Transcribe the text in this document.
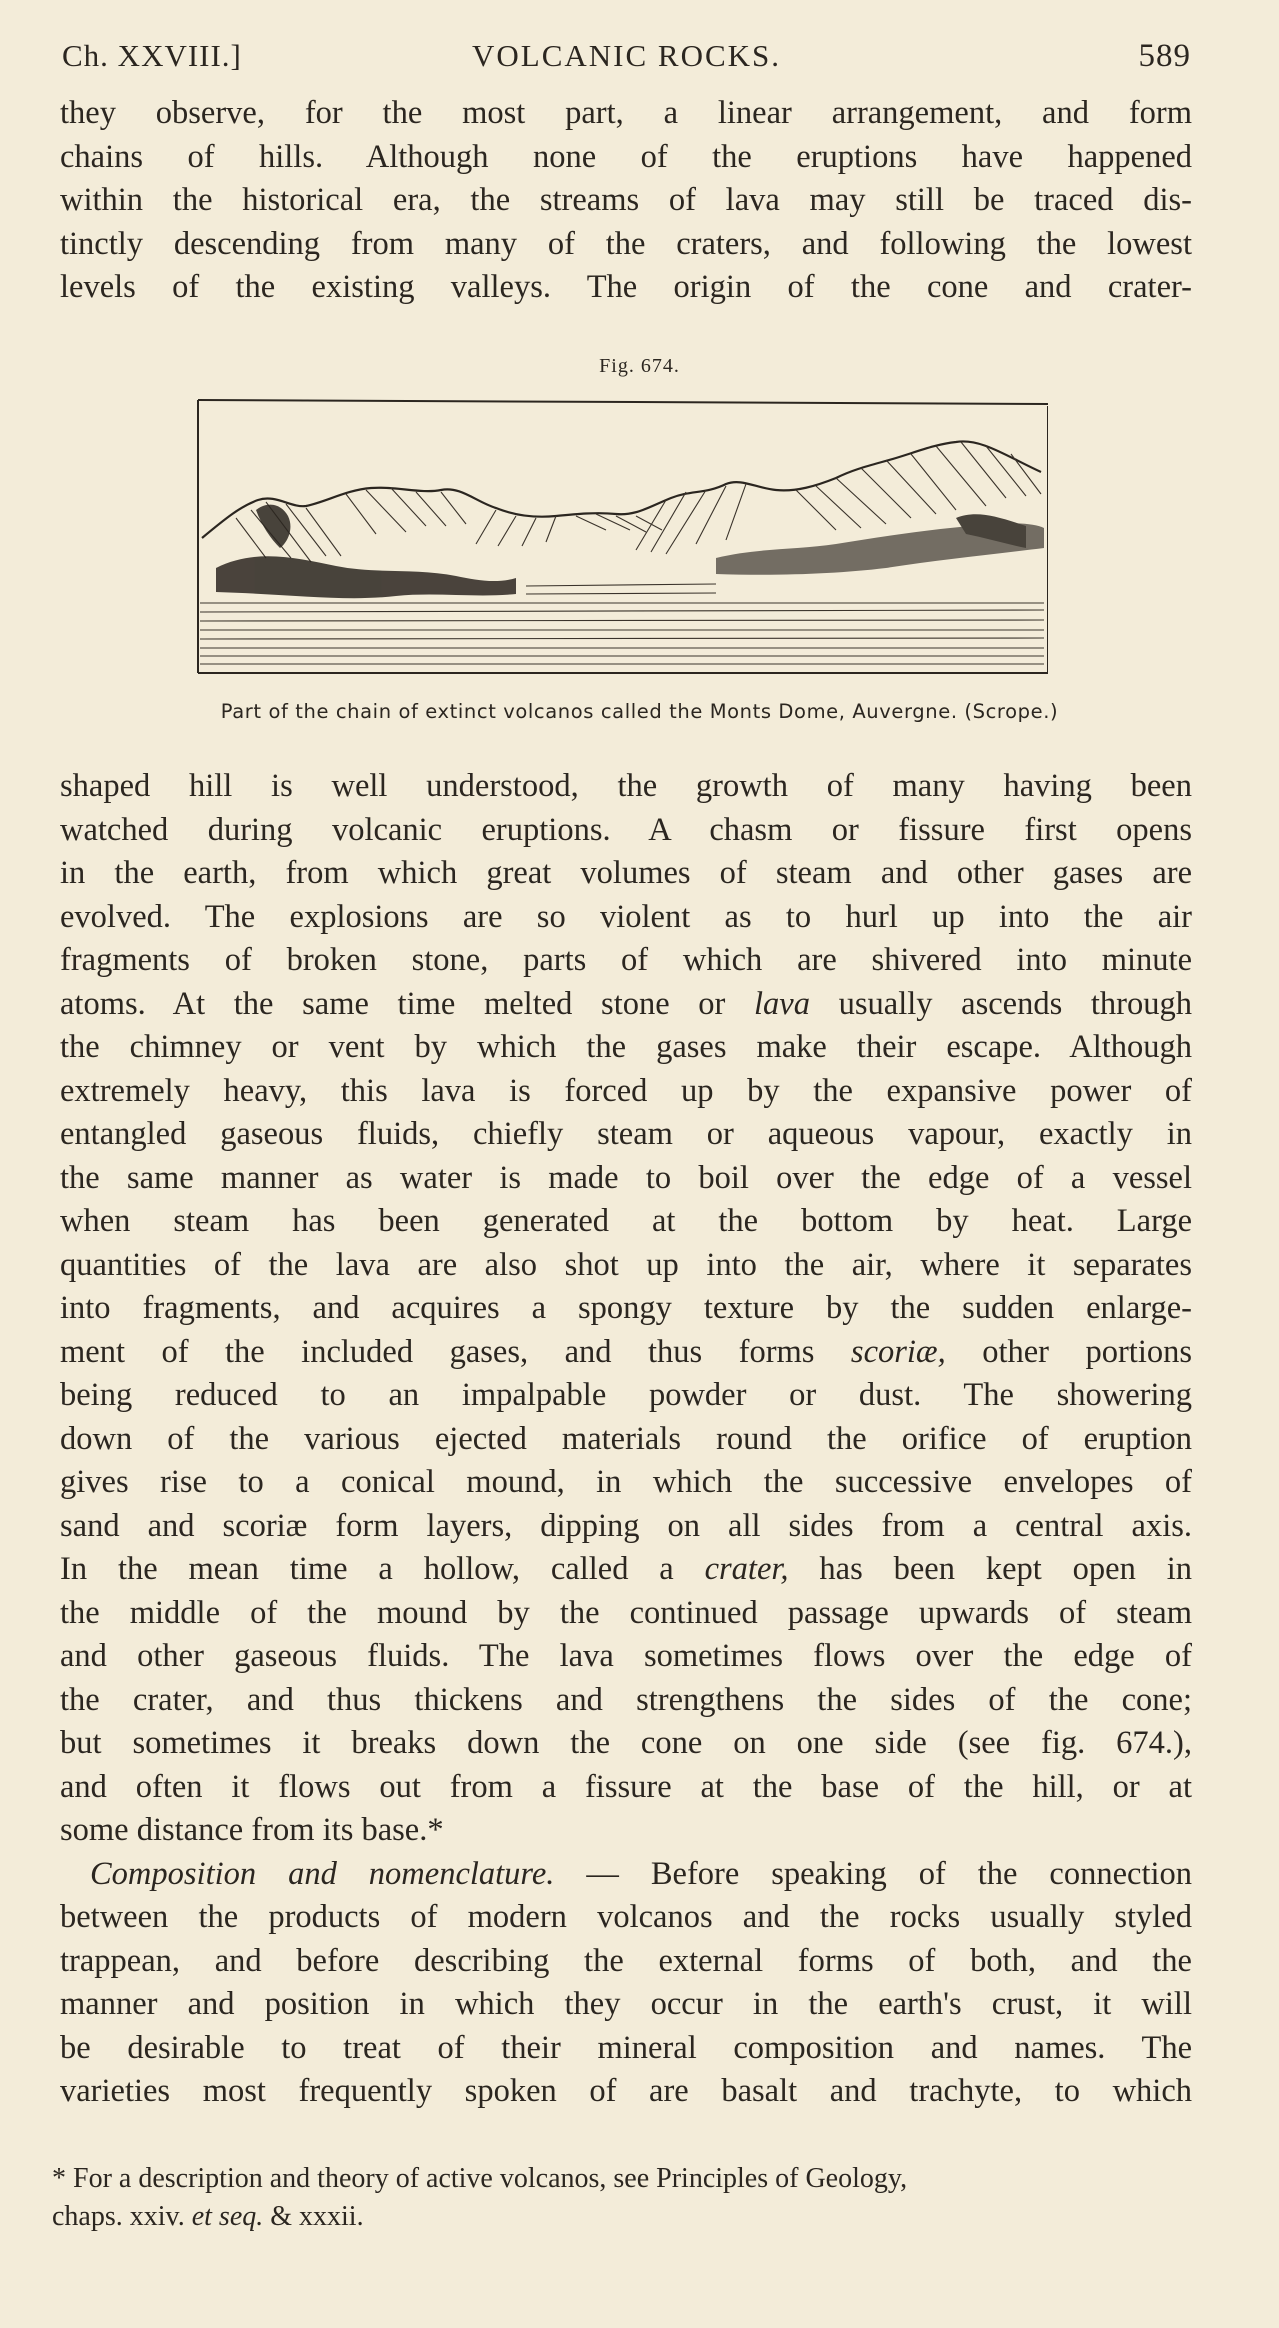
Ch. XXVIII.]	VOLCANIC ROCKS.	589

they observe, for the most part, a linear arrangement, and form

chains of hills. Although none of the eruptions have happened

within the historical era, the streams of lava may still be traced dis-

tinctly descending from many of the craters, and following the lowest

levels of the existing valleys. The origin of the cone and crater-

Fig. 674.
Part of the chain of extinct volcanos called the Monts Dome, Auvergne. (Scrope.)

shaped hill is well understood, the growth of many having been

watched during volcanic eruptions. A chasm or fissure first opens

in the earth, from which great volumes of steam and other gases are

evolved. The explosions are so violent as to hurl up into the air

fragments of broken stone, parts of which are shivered into minute

atoms. At the same time melted stone or lava usually ascends through

the chimney or vent by which the gases make their escape. Although

extremely heavy, this lava is forced up by the expansive power of

entangled gaseous fluids, chiefly steam or aqueous vapour, exactly in

the same manner as water is made to boil over the edge of a vessel

when steam has been generated at the bottom by heat. Large

quantities of the lava are also shot up into the air, where it separates

into fragments, and acquires a spongy texture by the sudden enlarge-

ment of the included gases, and thus forms scoriæ, other portions

being reduced to an impalpable powder or dust. The showering

down of the various ejected materials round the orifice of eruption

gives rise to a conical mound, in which the successive envelopes of

sand and scoriæ form layers, dipping on all sides from a central axis.

In the mean time a hollow, called a crater, has been kept open in

the middle of the mound by the continued passage upwards of steam

and other gaseous fluids. The lava sometimes flows over the edge of

the crater, and thus thickens and strengthens the sides of the cone;

but sometimes it breaks down the cone on one side (see fig. 674.),

and often it flows out from a fissure at the base of the hill, or at

some distance from its base.*

Composition and nomenclature. — Before speaking of the connection

between the products of modern volcanos and the rocks usually styled

trappean, and before describing the external forms of both, and the

manner and position in which they occur in the earth's crust, it will

be desirable to treat of their mineral composition and names. The

varieties most frequently spoken of are basalt and trachyte, to which

* For a description and theory of active volcanos, see Principles of Geology,

chaps. xxiv. et seq. & xxxii.
